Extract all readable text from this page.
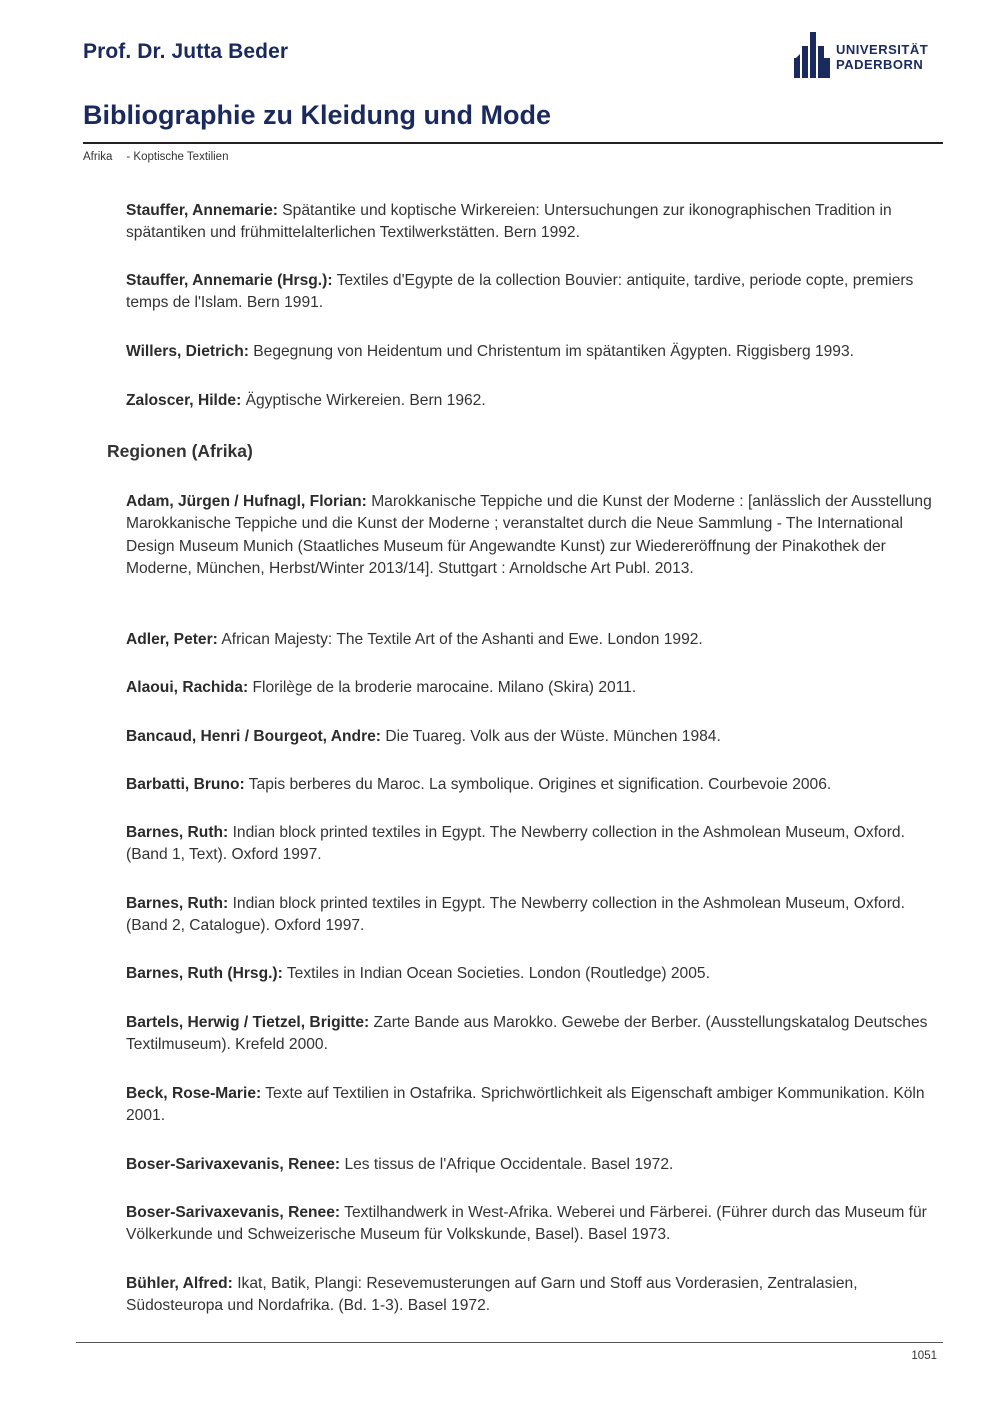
Prof. Dr. Jutta Beder	UNIVERSITÄT
PADERBORN
Bibliographie zu Kleidung und Mode
Afrika - Koptische Textilien
Stauffer, Annemarie: Spätantike und koptische Wirkereien: Untersuchungen zur ikonographischen Tradition in spätantiken und frühmittelalterlichen Textilwerkstätten. Bern 1992.
Stauffer, Annemarie (Hrsg.): Textiles d'Egypte de la collection Bouvier: antiquite, tardive, periode copte, premiers temps de l'Islam. Bern 1991.
Willers, Dietrich: Begegnung von Heidentum und Christentum im spätantiken Ägypten. Riggisberg 1993.
Zaloscer, Hilde: Ägyptische Wirkereien. Bern 1962.
Regionen (Afrika)
Adam, Jürgen / Hufnagl, Florian: Marokkanische Teppiche und die Kunst der Moderne : [anlässlich der Ausstellung Marokkanische Teppiche und die Kunst der Moderne ; veranstaltet durch die Neue Sammlung - The International Design Museum Munich (Staatliches Museum für Angewandte Kunst) zur Wiedereröffnung der Pinakothek der Moderne, München, Herbst/Winter 2013/14]. Stuttgart : Arnoldsche Art Publ. 2013.
Adler, Peter: African Majesty: The Textile Art of the Ashanti and Ewe. London 1992.
Alaoui, Rachida: Florilège de la broderie marocaine. Milano (Skira) 2011.
Bancaud, Henri / Bourgeot, Andre: Die Tuareg. Volk aus der Wüste. München 1984.
Barbatti, Bruno: Tapis berberes du Maroc. La symbolique. Origines et signification. Courbevoie 2006.
Barnes, Ruth: Indian block printed textiles in Egypt. The Newberry collection in the Ashmolean Museum, Oxford. (Band 1, Text). Oxford 1997.
Barnes, Ruth: Indian block printed textiles in Egypt. The Newberry collection in the Ashmolean Museum, Oxford. (Band 2, Catalogue). Oxford 1997.
Barnes, Ruth (Hrsg.): Textiles in Indian Ocean Societies. London (Routledge) 2005.
Bartels, Herwig / Tietzel, Brigitte: Zarte Bande aus Marokko. Gewebe der Berber. (Ausstellungskatalog Deutsches Textilmuseum). Krefeld 2000.
Beck, Rose-Marie: Texte auf Textilien in Ostafrika. Sprichwörtlichkeit als Eigenschaft ambiger Kommunikation. Köln 2001.
Boser-Sarivaxevanis, Renee: Les tissus de l'Afrique Occidentale. Basel 1972.
Boser-Sarivaxevanis, Renee: Textilhandwerk in West-Afrika. Weberei und Färberei. (Führer durch das Museum für Völkerkunde und Schweizerische Museum für Volkskunde, Basel). Basel 1973.
Bühler, Alfred: Ikat, Batik, Plangi: Resevemusterungen auf Garn und Stoff aus Vorderasien, Zentralasien, Südosteuropa und Nordafrika. (Bd. 1-3). Basel 1972.
1051
